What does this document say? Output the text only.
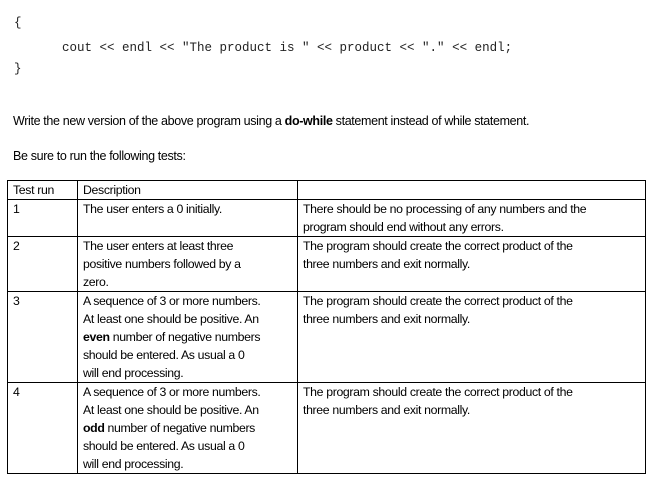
{
cout << endl << "The product is " << product << "." << endl;
}
Write the new version of the above program using a do-while statement instead of while statement.
Be sure to run the following tests:
Test run	Description	
1	The user enters a 0 initially.	There should be no processing of any numbers and the
program should end without any errors.

2	The user enters at least three
positive numbers followed by a
zero.	The program should create the correct product of the
three numbers and exit normally.

3	A sequence of 3 or more numbers.
At least one should be positive. An
even number of negative numbers
should be entered. As usual a 0
will end processing.	The program should create the correct product of the
three numbers and exit normally.

4	A sequence of 3 or more numbers.
At least one should be positive. An
odd number of negative numbers
should be entered. As usual a 0
will end processing.	The program should create the correct product of the
three numbers and exit normally.
